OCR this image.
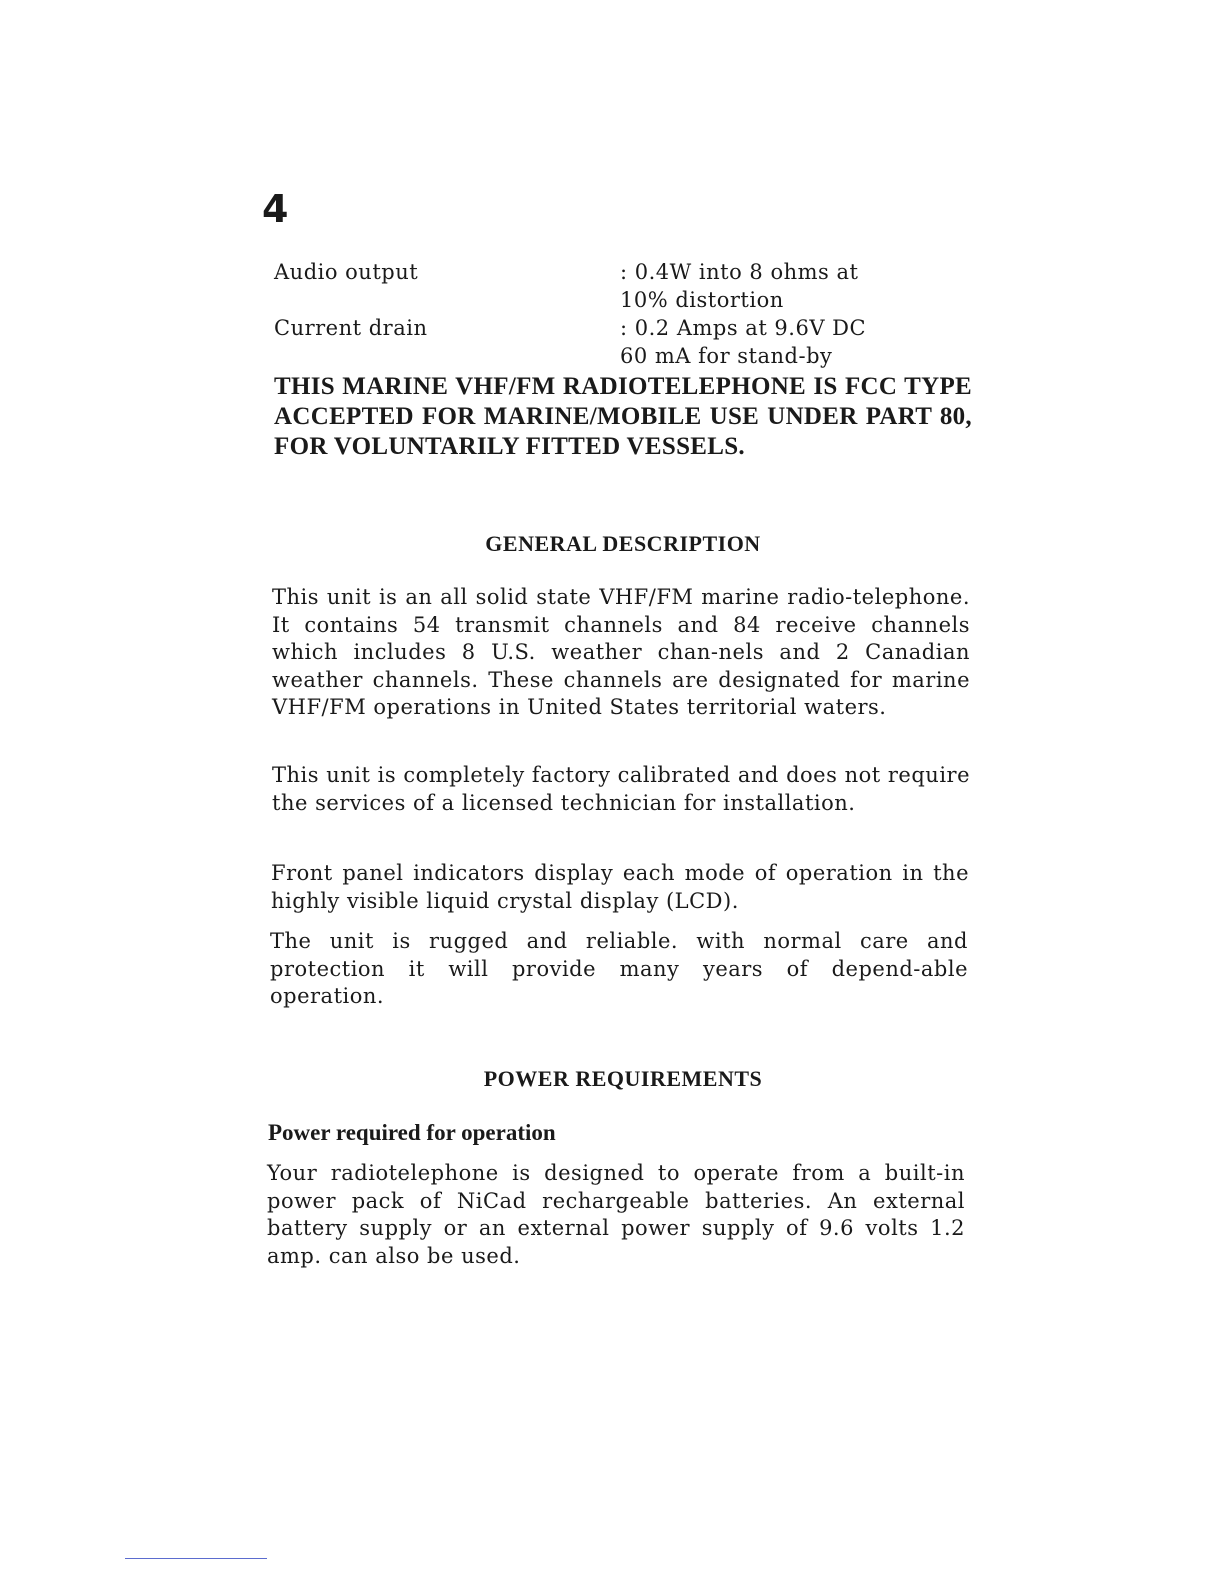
4
Audio output	: 0.4W into 8 ohms at
10% distortion
Current drain	: 0.2 Amps at 9.6V DC
60 mA for stand-by

THIS MARINE VHF/FM RADIOTELEPHONE IS FCC TYPE ACCEPTED FOR MARINE/MOBILE USE UNDER PART 80, FOR VOLUNTARILY FITTED VESSELS.

GENERAL DESCRIPTION

This unit is an all solid state VHF/FM marine radio-telephone. It contains 54 transmit channels and 84 receive channels which includes 8 U.S. weather chan-nels and 2 Canadian weather channels. These channels are designated for marine VHF/FM operations in United States territorial waters.

This unit is completely factory calibrated and does not require the services of a licensed technician for installation.

Front panel indicators display each mode of operation in the highly visible liquid crystal display (LCD).

The unit is rugged and reliable. with normal care and protection it will provide many years of depend-able operation.

POWER REQUIREMENTS
Power required for operation

Your radiotelephone is designed to operate from a built-in power pack of NiCad rechargeable batteries. An external battery supply or an external power supply of 9.6 volts 1.2 amp. can also be used.
